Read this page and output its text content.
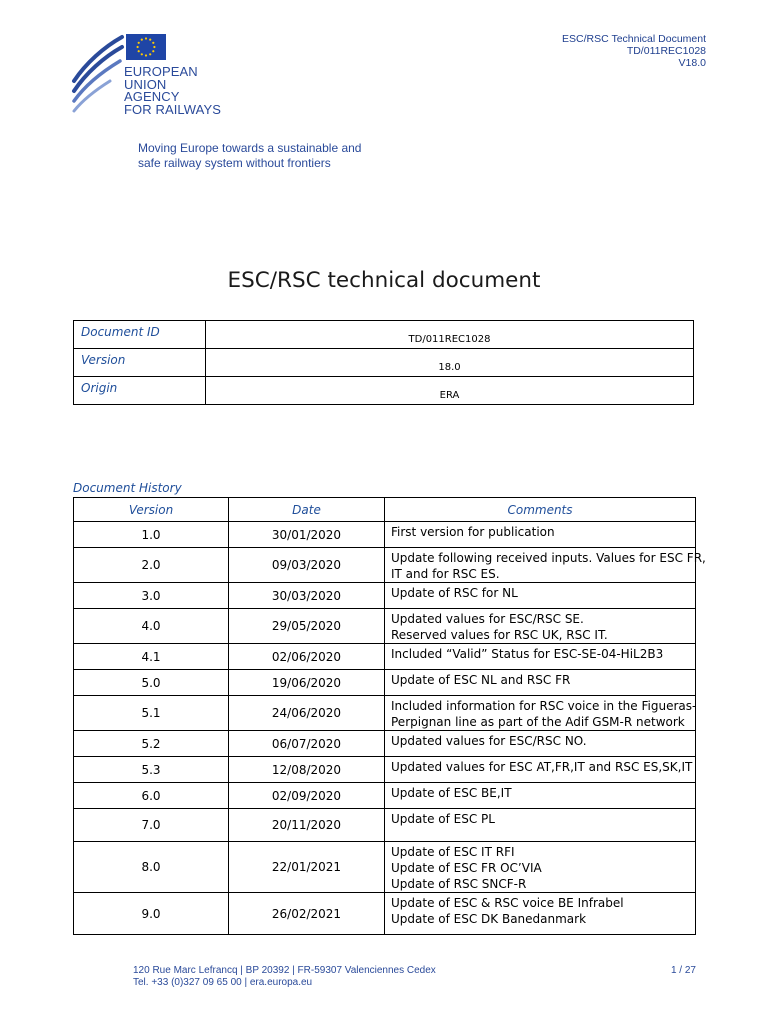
ESC/RSC Technical Document
TD/011REC1028
V18.0
EUROPEAN
UNION
AGENCY
FOR RAILWAYS
Moving Europe towards a sustainable and
safe railway system without frontiers
ESC/RSC technical document
Document ID	TD/011REC1028
Version	18.0
Origin	ERA
Document History
Version	Date	Comments
1.0	30/01/2020	First version for publication

2.0	09/03/2020	Update following received inputs. Values for ESC FR,
IT and for RSC ES.

3.0	30/03/2020	Update of RSC for NL

4.0	29/05/2020	Updated values for ESC/RSC SE.
Reserved values for RSC UK, RSC IT.

4.1	02/06/2020	Included “Valid” Status for ESC-SE-04-HiL2B3

5.0	19/06/2020	Update of ESC NL and RSC FR

5.1	24/06/2020	Included information for RSC voice in the Figueras-
Perpignan line as part of the Adif GSM-R network

5.2	06/07/2020	Updated values for ESC/RSC NO.

5.3	12/08/2020	Updated values for ESC AT,FR,IT and RSC ES,SK,IT

6.0	02/09/2020	Update of ESC BE,IT

7.0	20/11/2020	Update of ESC PL

8.0	22/01/2021	Update of ESC IT RFI
Update of ESC FR OC’VIA
Update of RSC SNCF-R

9.0	26/02/2021	Update of ESC & RSC voice BE Infrabel
Update of ESC DK Banedanmark
120 Rue Marc Lefrancq | BP 20392 | FR-59307 Valenciennes Cedex
Tel. +33 (0)327 09 65 00 | era.europa.eu
1 / 27
